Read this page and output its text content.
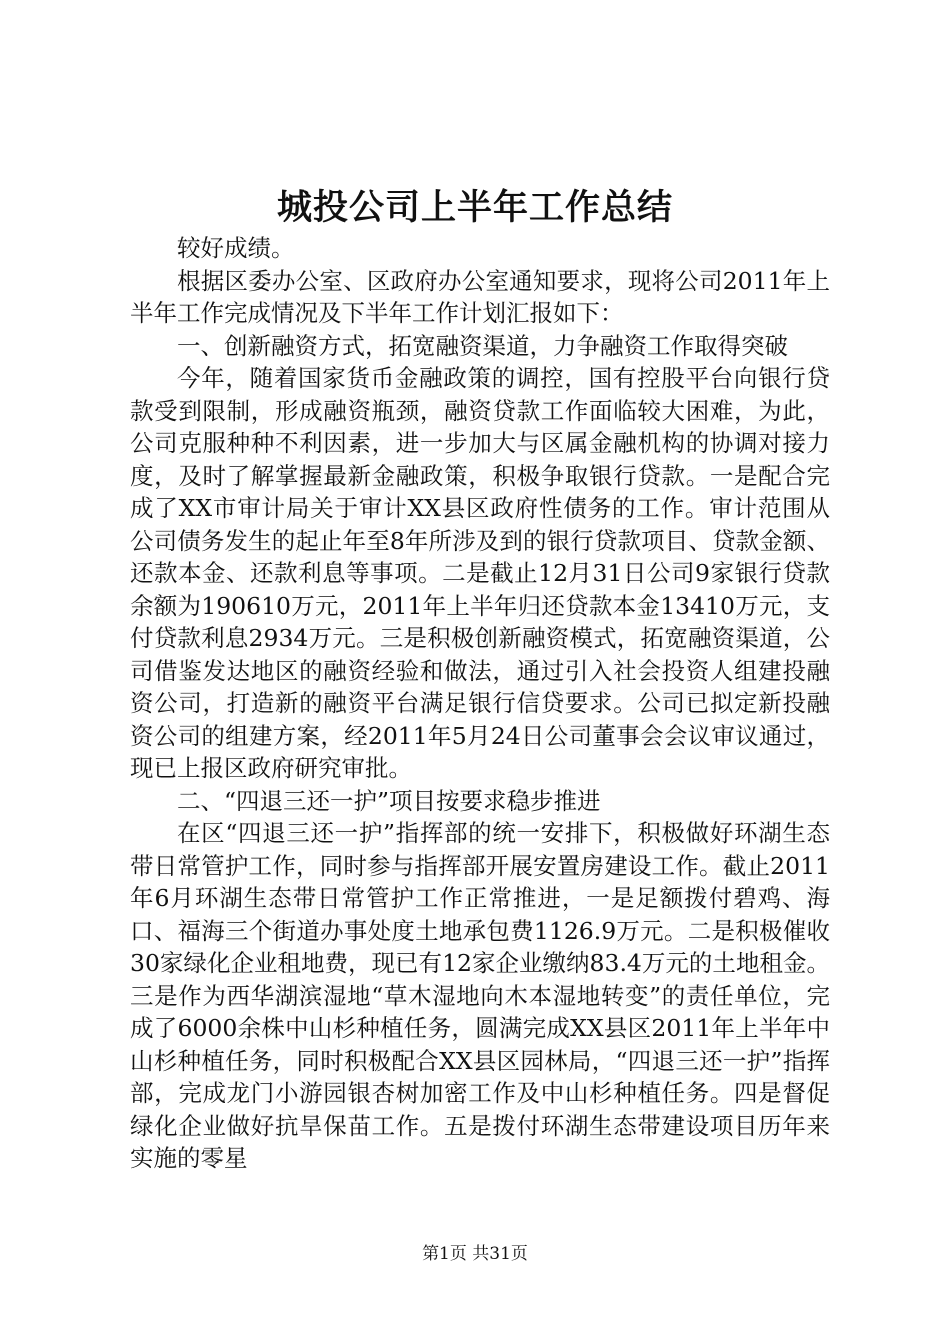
城投公司上半年工作总结

较好成绩。

根据区委办公室、区政府办公室通知要求，现将公司2011年上半年工作完成情况及下半年工作计划汇报如下：

一、创新融资方式，拓宽融资渠道，力争融资工作取得突破

今年，随着国家货币金融政策的调控，国有控股平台向银行贷款受到限制，形成融资瓶颈，融资贷款工作面临较大困难，为此，公司克服种种不利因素，进一步加大与区属金融机构的协调对接力度，及时了解掌握最新金融政策，积极争取银行贷款。一是配合完成了XX市审计局关于审计XX县区政府性债务的工作。审计范围从公司债务发生的起止年至8年所涉及到的银行贷款项目、贷款金额、还款本金、还款利息等事项。二是截止12月31日公司9家银行贷款余额为190610万元，2011年上半年归还贷款本金13410万元，支付贷款利息2934万元。三是积极创新融资模式，拓宽融资渠道，公司借鉴发达地区的融资经验和做法，通过引入社会投资人组建投融资公司，打造新的融资平台满足银行信贷要求。公司已拟定新投融资公司的组建方案，经2011年5月24日公司董事会会议审议通过，现已上报区政府研究审批。

二、“四退三还一护”项目按要求稳步推进

在区“四退三还一护”指挥部的统一安排下，积极做好环湖生态带日常管护工作，同时参与指挥部开展安置房建设工作。截止2011年6月环湖生态带日常管护工作正常推进，一是足额拨付碧鸡、海口、福海三个街道办事处度土地承包费1126.9万元。二是积极催收30家绿化企业租地费，现已有12家企业缴纳83.4万元的土地租金。三是作为西华湖滨湿地“草木湿地向木本湿地转变”的责任单位，完成了6000余株中山杉种植任务，圆满完成XX县区2011年上半年中山杉种植任务，同时积极配合XX县区园林局，“四退三还一护”指挥部，完成龙门小游园银杏树加密工作及中山杉种植任务。四是督促绿化企业做好抗旱保苗工作。五是拨付环湖生态带建设项目历年来实施的零星

第1页 共31页
